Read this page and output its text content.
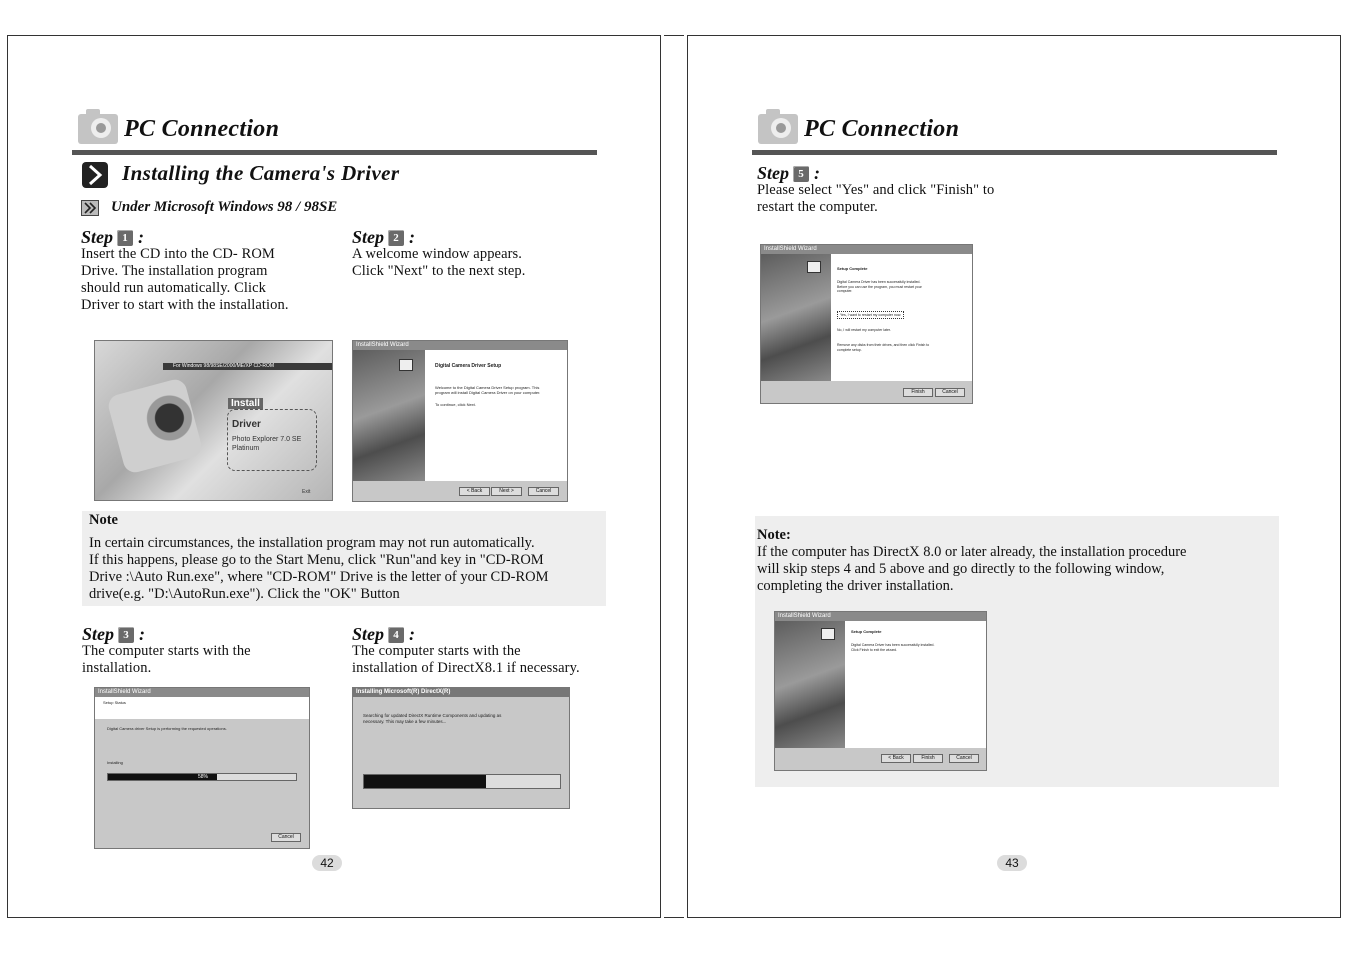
PC Connection
Installing the Camera's Driver
Under Microsoft Windows 98 / 98SE
Step 1 :
Insert the CD into the CD- ROM
Drive. The installation program
should run automatically. Click
Driver to start with the installation.
Step 2 :
A welcome window appears.
Click "Next" to the next step.
For Windows 98/98SE/2000/ME/XP CD-ROM
Install
Driver
Photo Explorer 7.0 SE
Platinum
Exit
InstallShield Wizard
Digital Camera Driver Setup
Welcome to the Digital Camera Driver Setup program. This
program will install Digital Camera Driver on your computer.
To continue, click Next.
< Back	Next >	Cancel
Note
In certain circumstances, the installation program may not run automatically.
If this happens, please go to the Start Menu, click "Run"and key in "CD-ROM
Drive :\Auto Run.exe", where "CD-ROM" Drive is the letter of your CD-ROM
drive(e.g. "D:\AutoRun.exe"). Click the "OK" Button
Step 3 :
The computer starts with the
installation.
Step 4 :
The computer starts with the
installation of DirectX8.1 if necessary.
InstallShield Wizard
Setup Status
Digital Camera driver Setup is performing the requested operations.
Installing
58%
Cancel
Installing Microsoft(R) DirectX(R)
Searching for updated DirectX Runtime Components and updating as
necessary. This may take a few minutes...
42
PC Connection
Step 5 :
Please select "Yes" and click "Finish" to
restart the computer.
InstallShield Wizard
Setup Complete
Digital Camera Driver has been successfully installed.
Before you can use the program, you must restart your
computer.
Yes, I want to restart my computer now.
No, I will restart my computer later.
Remove any disks from their drives, and then click Finish to
complete setup.
Finish	Cancel
Note:
If the computer has DirectX 8.0 or later already, the installation procedure
will skip steps 4 and 5 above and go directly to the following window,
completing the driver installation.
InstallShield Wizard
Setup Complete
Digital Camera Driver has been successfully installed.
Click Finish to exit the wizard.
< Back	Finish	Cancel
43
